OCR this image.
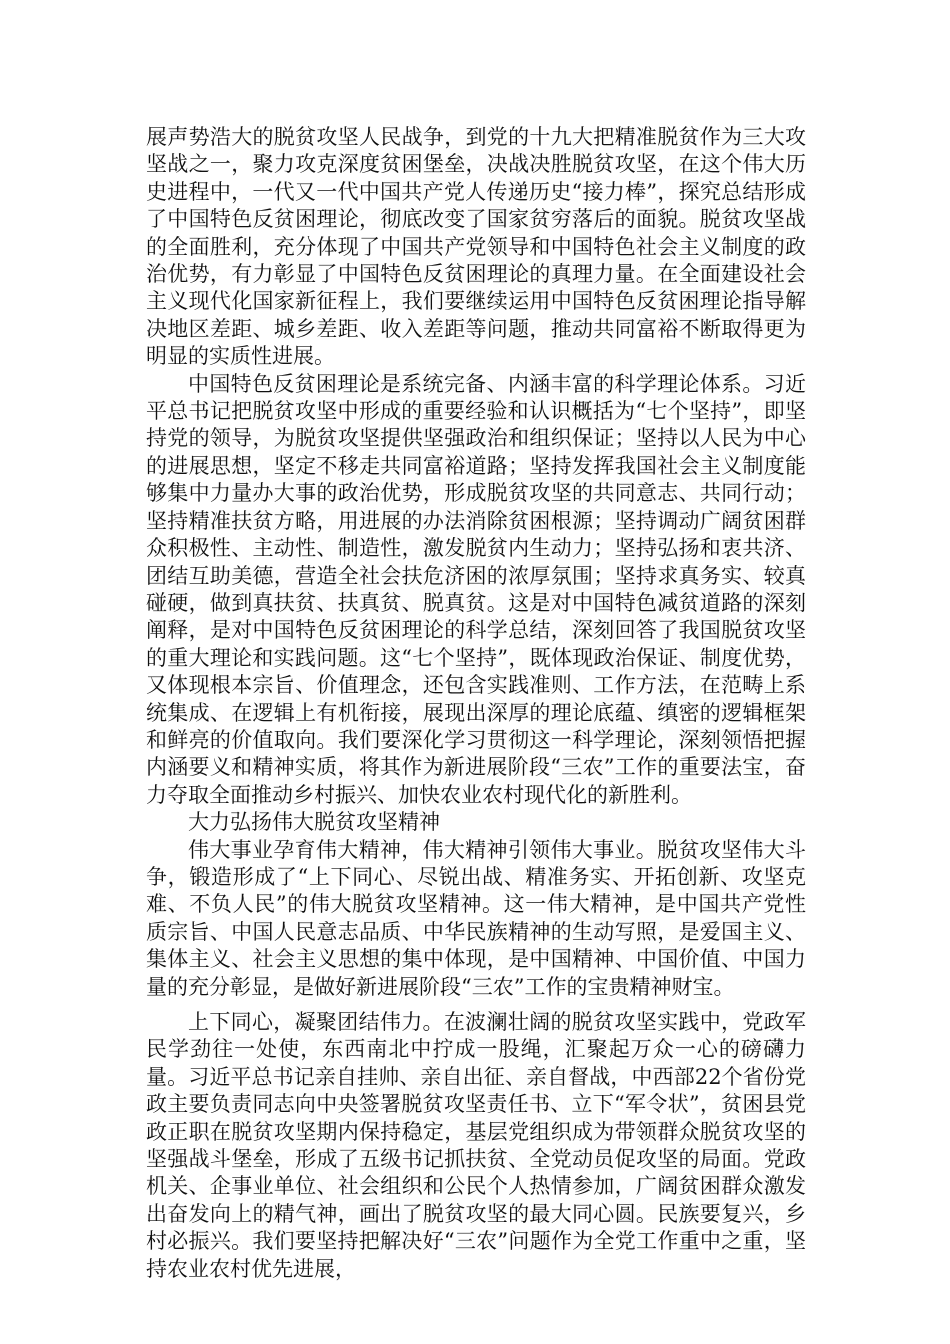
展声势浩大的脱贫攻坚人民战争，到党的十九大把精准脱贫作为三大攻坚战之一，聚力攻克深度贫困堡垒，决战决胜脱贫攻坚，在这个伟大历史进程中，一代又一代中国共产党人传递历史“接力棒”，探究总结形成了中国特色反贫困理论，彻底改变了国家贫穷落后的面貌。脱贫攻坚战的全面胜利，充分体现了中国共产党领导和中国特色社会主义制度的政治优势，有力彰显了中国特色反贫困理论的真理力量。在全面建设社会主义现代化国家新征程上，我们要继续运用中国特色反贫困理论指导解决地区差距、城乡差距、收入差距等问题，推动共同富裕不断取得更为明显的实质性进展。

中国特色反贫困理论是系统完备、内涵丰富的科学理论体系。习近平总书记把脱贫攻坚中形成的重要经验和认识概括为“七个坚持”，即坚持党的领导，为脱贫攻坚提供坚强政治和组织保证；坚持以人民为中心的进展思想，坚定不移走共同富裕道路；坚持发挥我国社会主义制度能够集中力量办大事的政治优势，形成脱贫攻坚的共同意志、共同行动；坚持精准扶贫方略，用进展的办法消除贫困根源；坚持调动广阔贫困群众积极性、主动性、制造性，激发脱贫内生动力；坚持弘扬和衷共济、团结互助美德，营造全社会扶危济困的浓厚氛围；坚持求真务实、较真碰硬，做到真扶贫、扶真贫、脱真贫。这是对中国特色减贫道路的深刻阐释，是对中国特色反贫困理论的科学总结，深刻回答了我国脱贫攻坚的重大理论和实践问题。这“七个坚持”，既体现政治保证、制度优势，又体现根本宗旨、价值理念，还包含实践准则、工作方法，在范畴上系统集成、在逻辑上有机衔接，展现出深厚的理论底蕴、缜密的逻辑框架和鲜亮的价值取向。我们要深化学习贯彻这一科学理论，深刻领悟把握内涵要义和精神实质，将其作为新进展阶段“三农”工作的重要法宝，奋力夺取全面推动乡村振兴、加快农业农村现代化的新胜利。

大力弘扬伟大脱贫攻坚精神

伟大事业孕育伟大精神，伟大精神引领伟大事业。脱贫攻坚伟大斗争，锻造形成了“上下同心、尽锐出战、精准务实、开拓创新、攻坚克难、不负人民”的伟大脱贫攻坚精神。这一伟大精神，是中国共产党性质宗旨、中国人民意志品质、中华民族精神的生动写照，是爱国主义、集体主义、社会主义思想的集中体现，是中国精神、中国价值、中国力量的充分彰显，是做好新进展阶段“三农”工作的宝贵精神财宝。

上下同心，凝聚团结伟力。在波澜壮阔的脱贫攻坚实践中，党政军民学劲往一处使，东西南北中拧成一股绳，汇聚起万众一心的磅礴力量。习近平总书记亲自挂帅、亲自出征、亲自督战，中西部22个省份党政主要负责同志向中央签署脱贫攻坚责任书、立下“军令状”，贫困县党政正职在脱贫攻坚期内保持稳定，基层党组织成为带领群众脱贫攻坚的坚强战斗堡垒，形成了五级书记抓扶贫、全党动员促攻坚的局面。党政机关、企事业单位、社会组织和公民个人热情参加，广阔贫困群众激发出奋发向上的精气神，画出了脱贫攻坚的最大同心圆。民族要复兴，乡村必振兴。我们要坚持把解决好“三农”问题作为全党工作重中之重，坚持农业农村优先进展，
